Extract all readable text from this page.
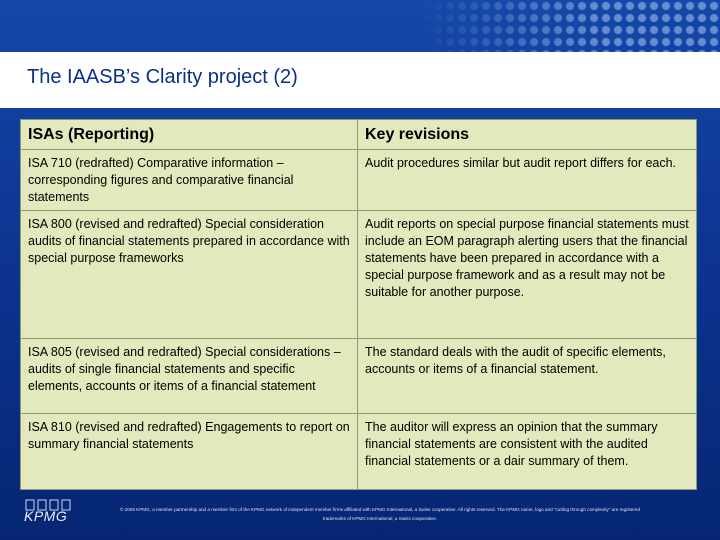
The IAASB’s Clarity project (2)
ISAs (Reporting)	Key revisions
ISA 710 (redrafted) Comparative information – corresponding figures and comparative financial statements	Audit procedures similar but audit report differs for each.
ISA 800 (revised and redrafted) Special consideration audits of financial statements prepared in accordance with special purpose frameworks	Audit reports on special purpose financial statements must include an EOM paragraph alerting users that the financial statements have been prepared in accordance with a special purpose framework and as a result may not be suitable for another purpose.
ISA 805 (revised and redrafted) Special considerations – audits of single financial statements and specific elements, accounts or items of a financial statement	The standard deals with the audit of specific elements, accounts or items of a financial statement.
ISA 810 (revised and redrafted) Engagements to report on summary financial statements	The auditor will express an opinion that the summary financial statements are consistent with the audited financial statements or a dair summary of them.
KPMG	© 2009 KPMG, a member partnership and a member firm of the KPMG network of independent member firms affiliated with KPMG International, a Swiss cooperative. All rights reserved. The KPMG name, logo and “cutting through complexity” are registered
trademarks of KPMG International, a Swiss cooperative.
